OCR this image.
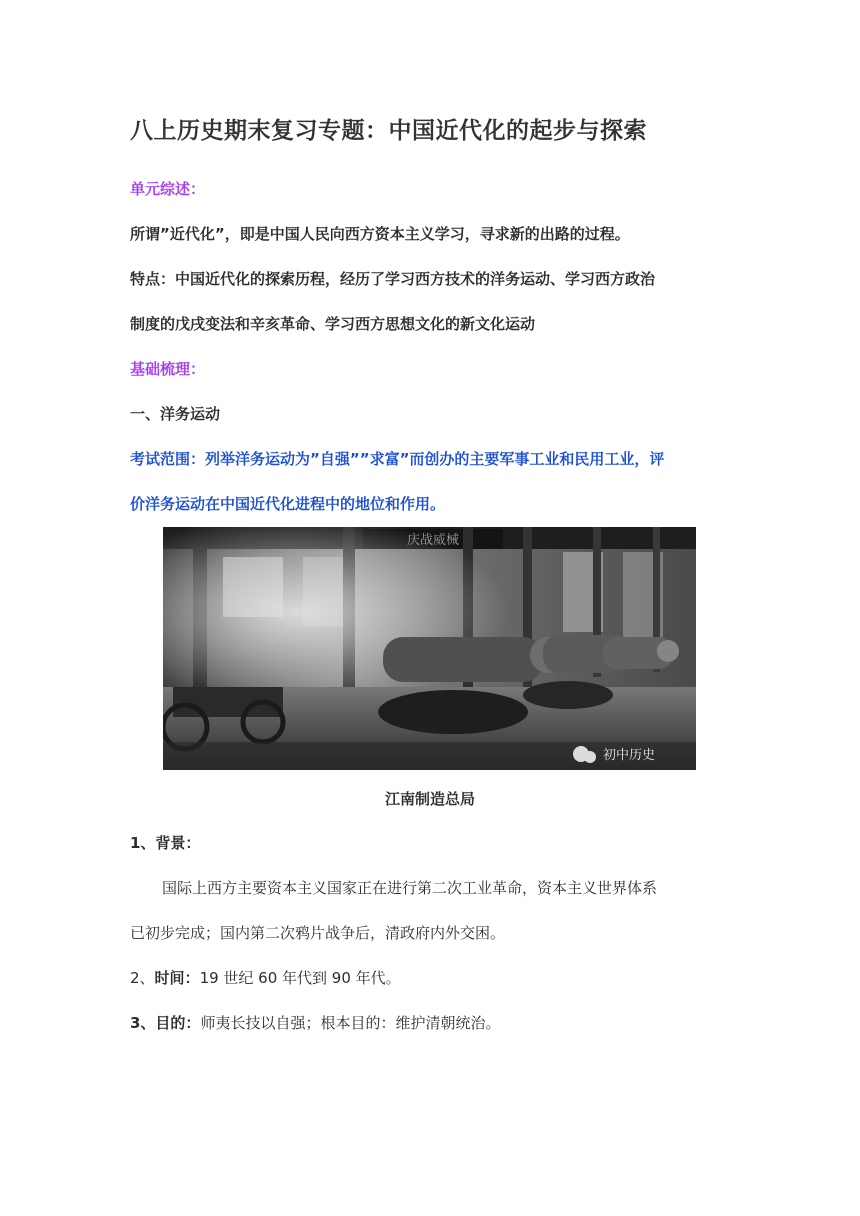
八上历史期末复习专题：中国近代化的起步与探索
单元综述：
所谓”近代化”，即是中国人民向西方资本主义学习，寻求新的出路的过程。
特点：中国近代化的探索历程，经历了学习西方技术的洋务运动、学习西方政治
制度的戊戌变法和辛亥革命、学习西方思想文化的新文化运动
基础梳理：
一、洋务运动
考试范围：列举洋务运动为”自强””求富”而创办的主要军事工业和民用工业，评
价洋务运动在中国近代化进程中的地位和作用。
初中历史
江南制造总局
1、背景：
国际上西方主要资本主义国家正在进行第二次工业革命，资本主义世界体系
已初步完成；国内第二次鸦片战争后，清政府内外交困。
2、时间：19 世纪 60 年代到 90 年代。
3、目的：师夷长技以自强；根本目的：维护清朝统治。
